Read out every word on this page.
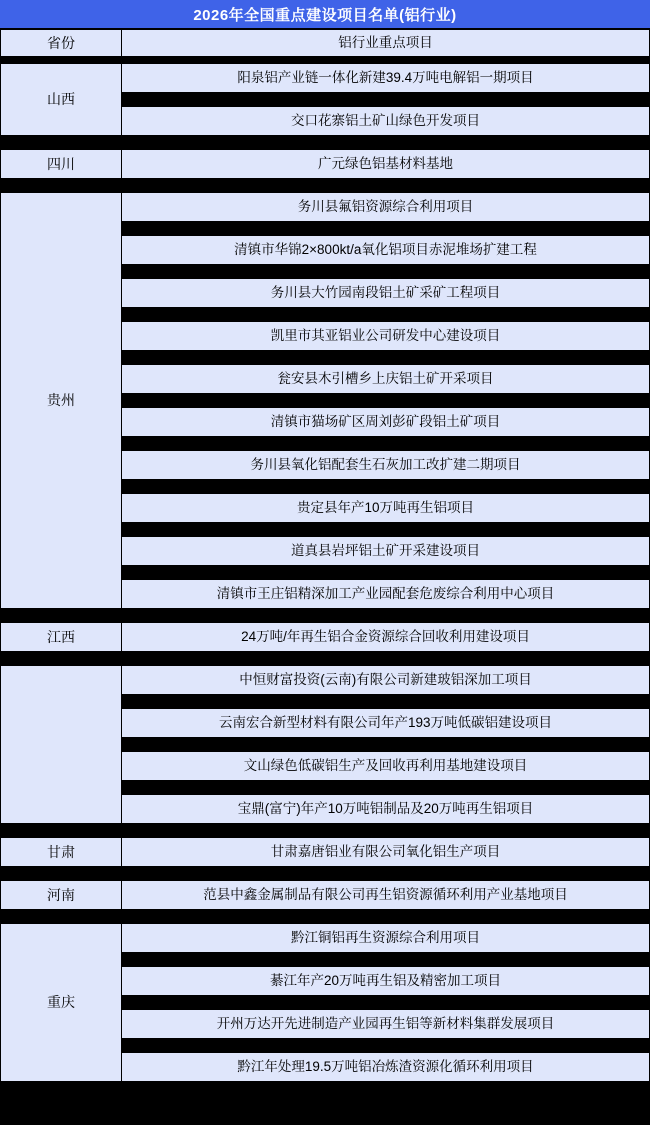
2026年全国重点建设项目名单(铝行业)
省份	铝行业重点项目
山西	阳泉铝产业链一体化新建39.4万吨电解铝一期项目

	交口花寨铝土矿山绿色开发项目

四川	广元绿色铝基材料基地

贵州	务川县氟铝资源综合利用项目

	清镇市华锦2×800kt/a氧化铝项目赤泥堆场扩建工程

	务川县大竹园南段铝土矿采矿工程项目

	凯里市其亚铝业公司研发中心建设项目

	瓮安县木引槽乡上庆铝土矿开采项目

	清镇市猫场矿区周刘彭矿段铝土矿项目

	务川县氧化铝配套生石灰加工改扩建二期项目

	贵定县年产10万吨再生铝项目

	道真县岩坪铝土矿开采建设项目

	清镇市王庄铝精深加工产业园配套危废综合利用中心项目

江西	24万吨/年再生铝合金资源综合回收利用建设项目

	中恒财富投资(云南)有限公司新建玻铝深加工项目

	云南宏合新型材料有限公司年产193万吨低碳铝建设项目

	文山绿色低碳铝生产及回收再利用基地建设项目

	宝鼎(富宁)年产10万吨铝制品及20万吨再生铝项目

甘肃	甘肃嘉唐铝业有限公司氧化铝生产项目

河南	范县中鑫金属制品有限公司再生铝资源循环利用产业基地项目

重庆	黔江铜铝再生资源综合利用项目

	綦江年产20万吨再生铝及精密加工项目

	开州万达开先进制造产业园再生铝等新材料集群发展项目

	黔江年处理19.5万吨铝冶炼渣资源化循环利用项目
